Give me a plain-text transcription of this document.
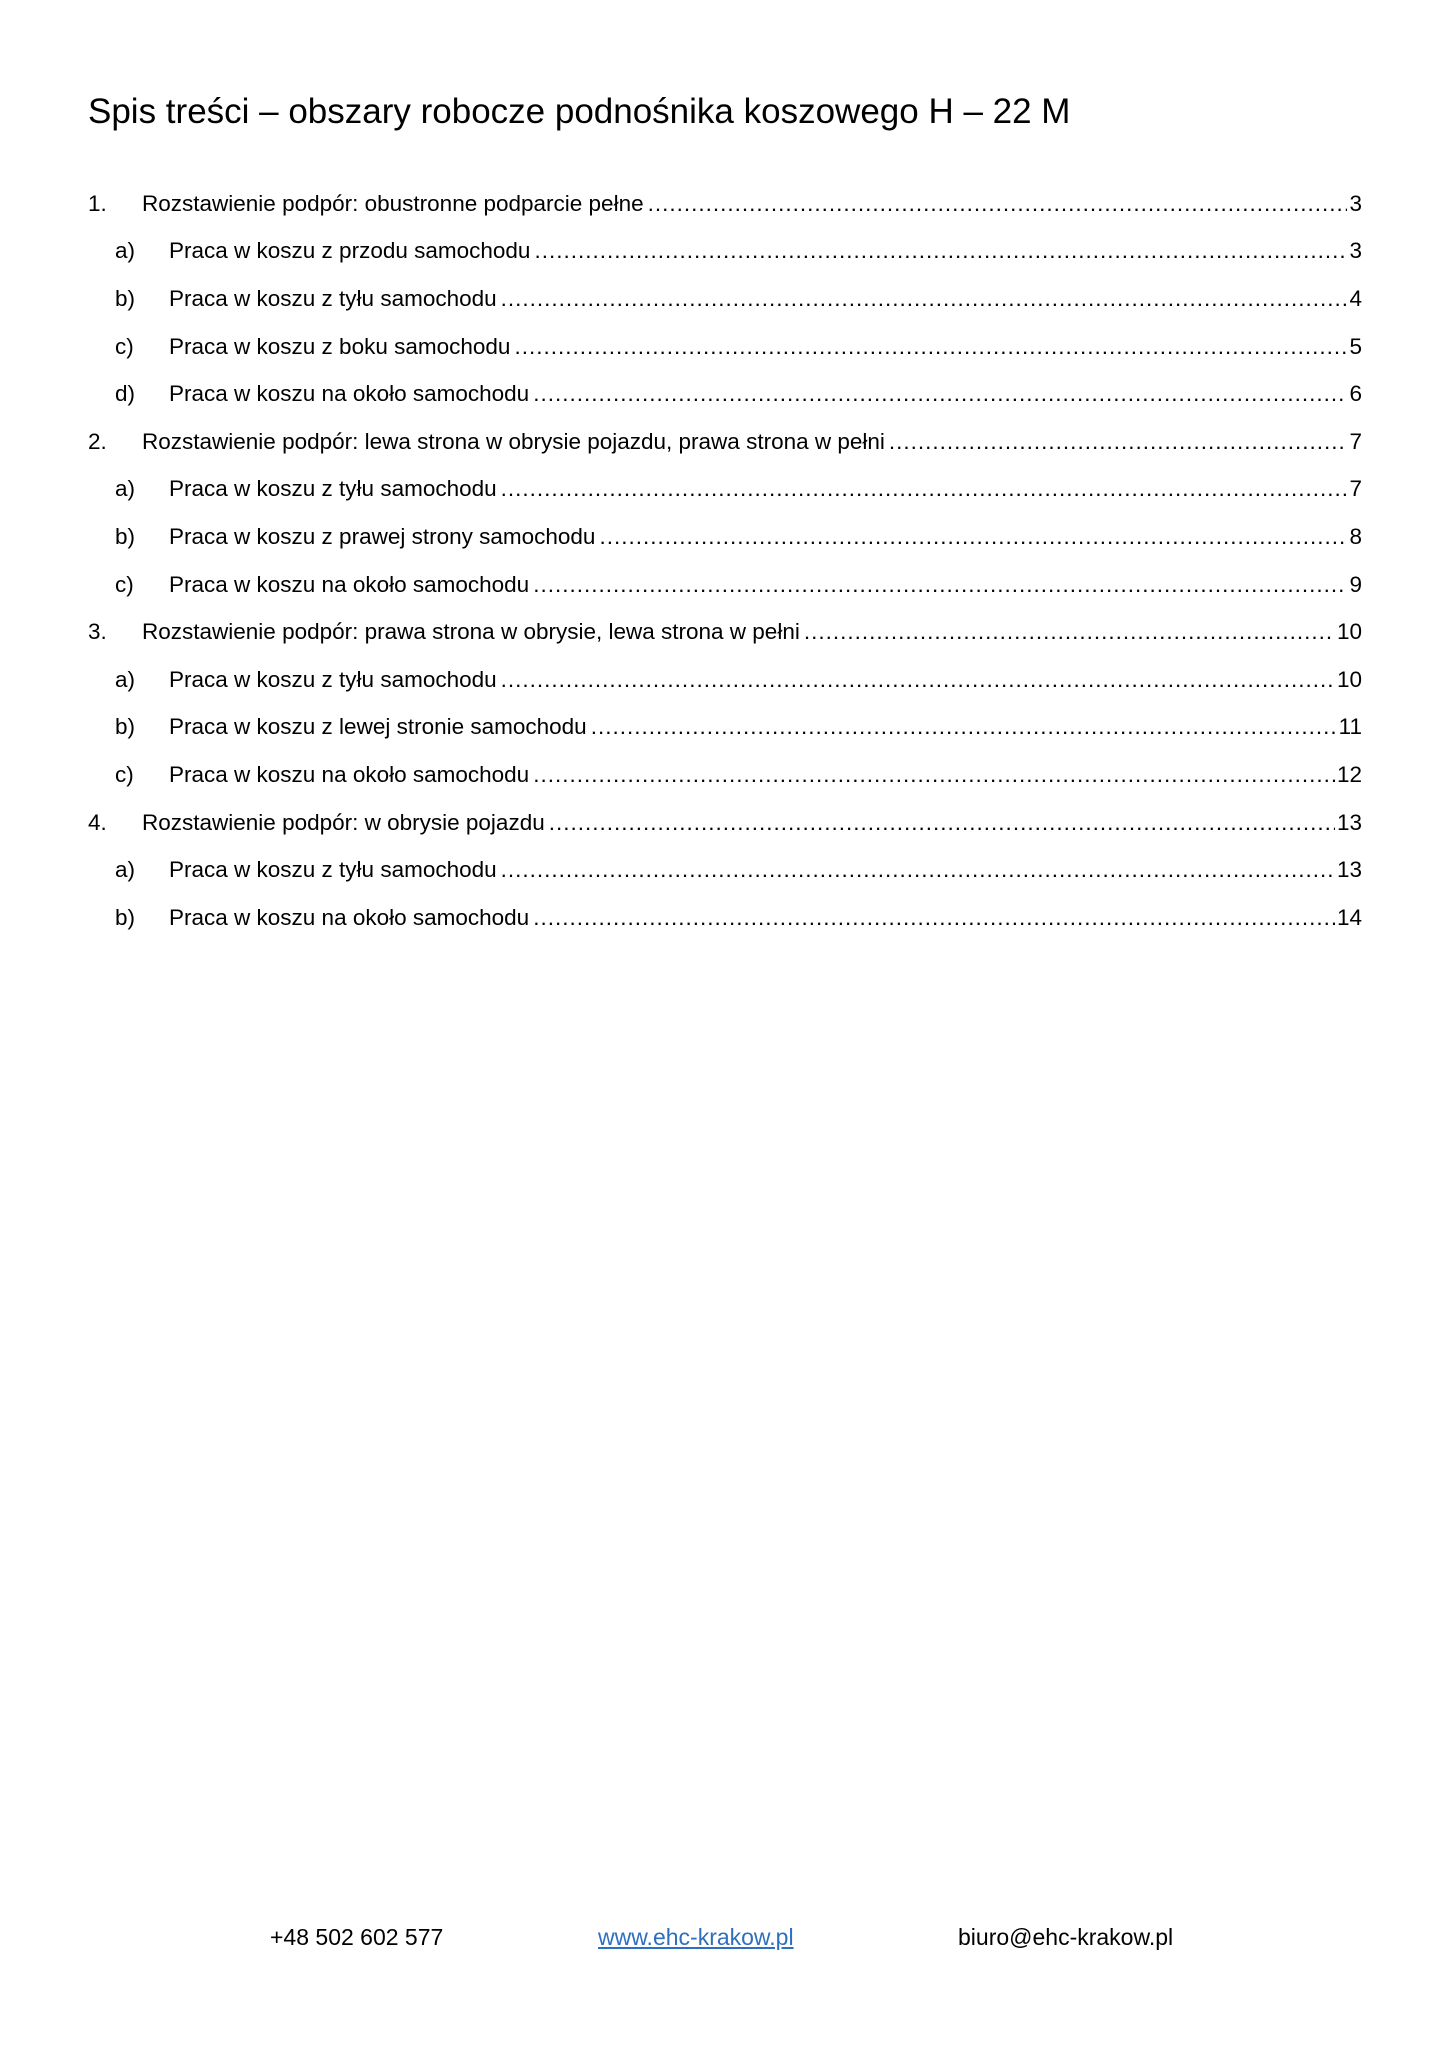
Spis treści – obszary robocze podnośnika koszowego H – 22 M
1. Rozstawienie podpór: obustronne podparcie pełne .....	3
a) Praca w koszu z przodu samochodu .....	3
b) Praca w koszu z tyłu samochodu .....	4
c) Praca w koszu z boku samochodu .....	5
d) Praca w koszu na około samochodu .....	6
2. Rozstawienie podpór: lewa strona w obrysie pojazdu, prawa strona w pełni .....	7
a) Praca w koszu z tyłu samochodu .....	7
b) Praca w koszu z prawej strony samochodu .....	8
c) Praca w koszu na około samochodu .....	9
3. Rozstawienie podpór: prawa strona w obrysie, lewa strona w pełni .....	10
a) Praca w koszu z tyłu samochodu .....	10
b) Praca w koszu z lewej stronie samochodu .....	11
c) Praca w koszu na około samochodu .....	12
4. Rozstawienie podpór: w obrysie pojazdu .....	13
a) Praca w koszu z tyłu samochodu .....	13
b) Praca w koszu na około samochodu .....	14
+48 502 602 577	www.ehc-krakow.pl	biuro@ehc-krakow.pl
